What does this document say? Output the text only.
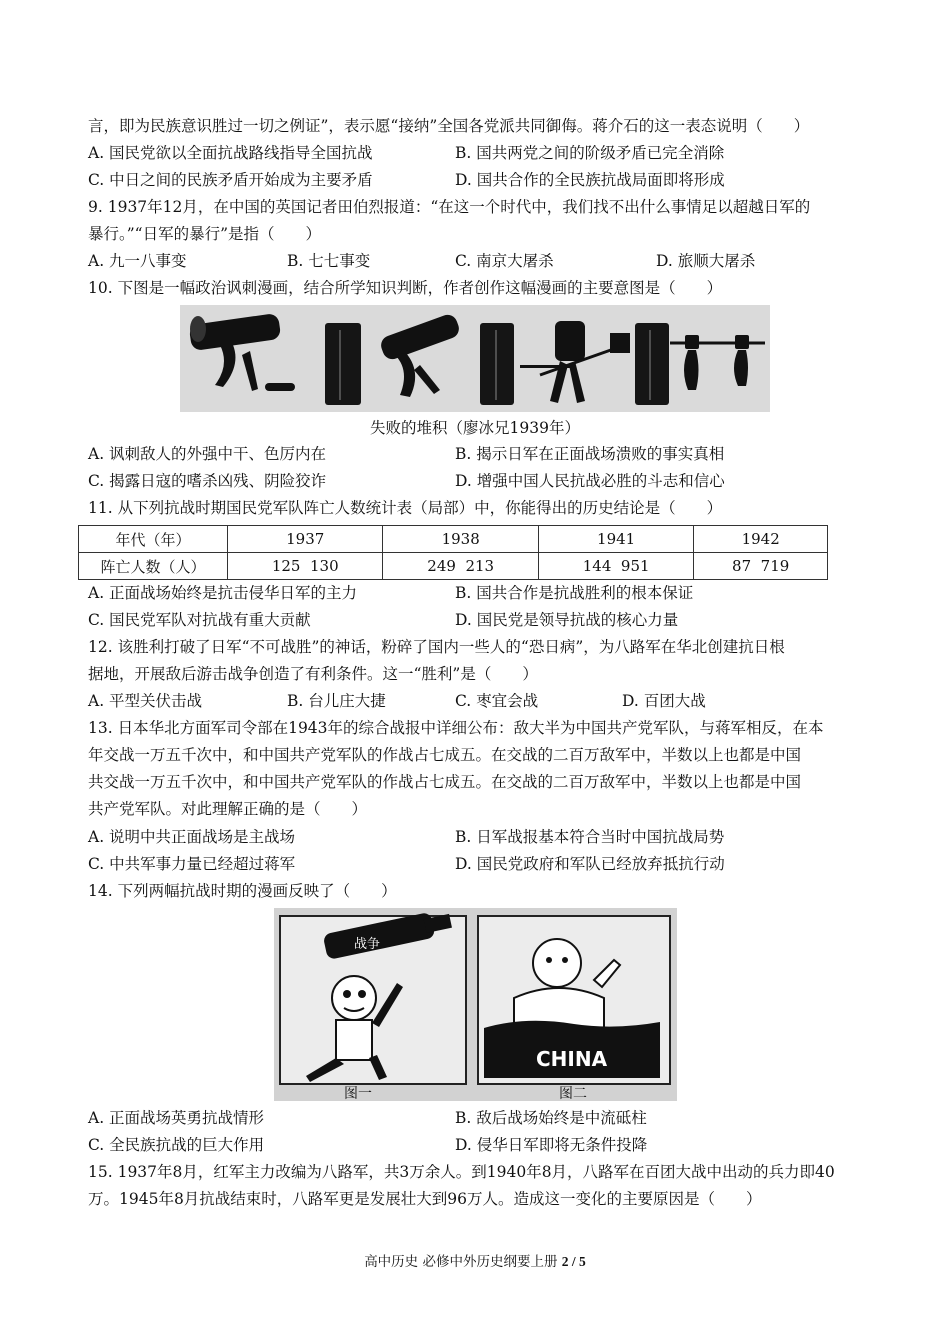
言，即为民族意识胜过一切之例证”，表示愿“接纳”全国各党派共同御侮。蒋介石的这一表态说明（　　）
A. 国民党欲以全面抗战路线指导全国抗战	B. 国共两党之间的阶级矛盾已完全消除
C. 中日之间的民族矛盾开始成为主要矛盾	D. 国共合作的全民族抗战局面即将形成
9. 1937年12月，在中国的英国记者田伯烈报道：“在这一个时代中，我们找不出什么事情足以超越日军的
暴行。”“日军的暴行”是指（　　）
A. 九一八事变	B. 七七事变	C. 南京大屠杀	D. 旅顺大屠杀
10. 下图是一幅政治讽刺漫画，结合所学知识判断，作者创作这幅漫画的主要意图是（　　）
失败的堆积（廖冰兄1939年）
A. 讽刺敌人的外强中干、色厉内在	B. 揭示日军在正面战场溃败的事实真相
C. 揭露日寇的嗜杀凶残、阴险狡诈	D. 增强中国人民抗战必胜的斗志和信心
11. 从下列抗战时期国民党军队阵亡人数统计表（局部）中，你能得出的历史结论是（　　）
年代（年）	1937	1938	1941	1942
阵亡人数（人）	125  130	249  213	144  951	87  719
A. 正面战场始终是抗击侵华日军的主力	B. 国共合作是抗战胜利的根本保证
C. 国民党军队对抗战有重大贡献	D. 国民党是领导抗战的核心力量
12. 该胜利打破了日军“不可战胜”的神话，粉碎了国内一些人的“恐日病”，为八路军在华北创建抗日根
据地，开展敌后游击战争创造了有利条件。这一“胜利”是（　　）
A. 平型关伏击战	B. 台儿庄大捷	C. 枣宜会战	D. 百团大战
13. 日本华北方面军司令部在1943年的综合战报中详细公布：敌大半为中国共产党军队，与蒋军相反，在本
年交战一万五千次中，和中国共产党军队的作战占七成五。在交战的二百万敌军中，半数以上也都是中国
共交战一万五千次中，和中国共产党军队的作战占七成五。在交战的二百万敌军中，半数以上也都是中国
共产党军队。对此理解正确的是（　　）
A. 说明中共正面战场是主战场	B. 日军战报基本符合当时中国抗战局势
C. 中共军事力量已经超过蒋军	D. 国民党政府和军队已经放弃抵抗行动
14. 下列两幅抗战时期的漫画反映了（　　）
战争
图一
CHINA
图二
A. 正面战场英勇抗战情形	B. 敌后战场始终是中流砥柱
C. 全民族抗战的巨大作用	D. 侵华日军即将无条件投降
15. 1937年8月，红军主力改编为八路军，共3万余人。到1940年8月，八路军在百团大战中出动的兵力即40
万。1945年8月抗战结束时，八路军更是发展壮大到96万人。造成这一变化的主要原因是（　　）
高中历史 必修中外历史纲要上册 2 / 5
